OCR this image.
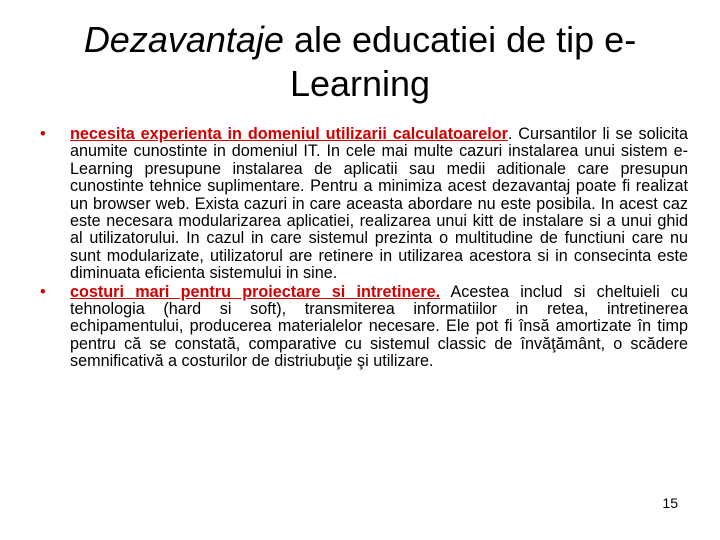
Dezavantaje ale educatiei de tip e-Learning
• necesita experienta in domeniul utilizarii calculatoarelor. Cursantilor li se solicita anumite cunostinte in domeniul IT. In cele mai multe cazuri instalarea unui sistem e-Learning presupune instalarea de aplicatii sau medii aditionale care presupun cunostinte tehnice suplimentare. Pentru a minimiza acest dezavantaj poate fi realizat un browser web. Exista cazuri in care aceasta abordare nu este posibila. In acest caz este necesara modularizarea aplicatiei, realizarea unui kitt de instalare si a unui ghid al utilizatorului. In cazul in care sistemul prezinta o multitudine de functiuni care nu sunt modularizate, utilizatorul are retinere in utilizarea acestora si in consecinta este diminuata eficienta sistemului in sine.
• costuri mari pentru proiectare si intretinere. Acestea includ si cheltuieli cu tehnologia (hard si soft), transmiterea informatiilor in retea, intretinerea echipamentului, producerea materialelor necesare. Ele pot fi însă amortizate în timp pentru că se constată, comparative cu sistemul classic de învăţământ, o scădere semnificativă a costurilor de distriubuţie şi utilizare.
15
